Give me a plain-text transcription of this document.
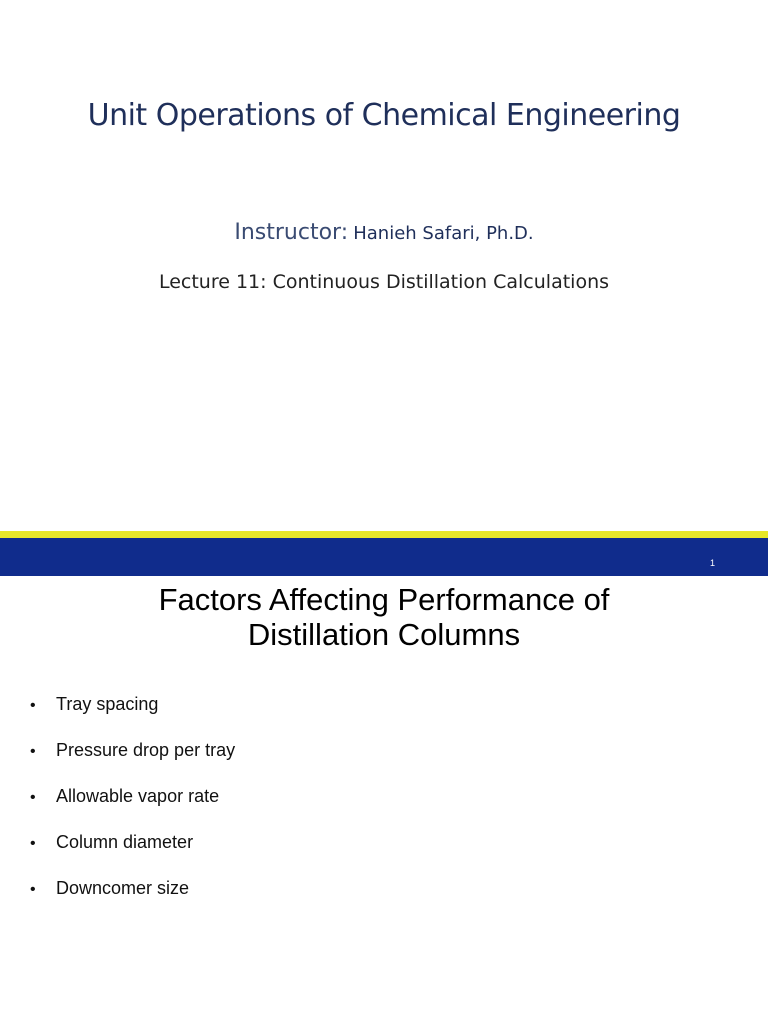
Unit Operations of Chemical Engineering
Instructor: Hanieh Safari, Ph.D.
Lecture 11: Continuous Distillation Calculations
1
Factors Affecting Performance of
Distillation Columns
• Tray spacing
• Pressure drop per tray
• Allowable vapor rate
• Column diameter
• Downcomer size
